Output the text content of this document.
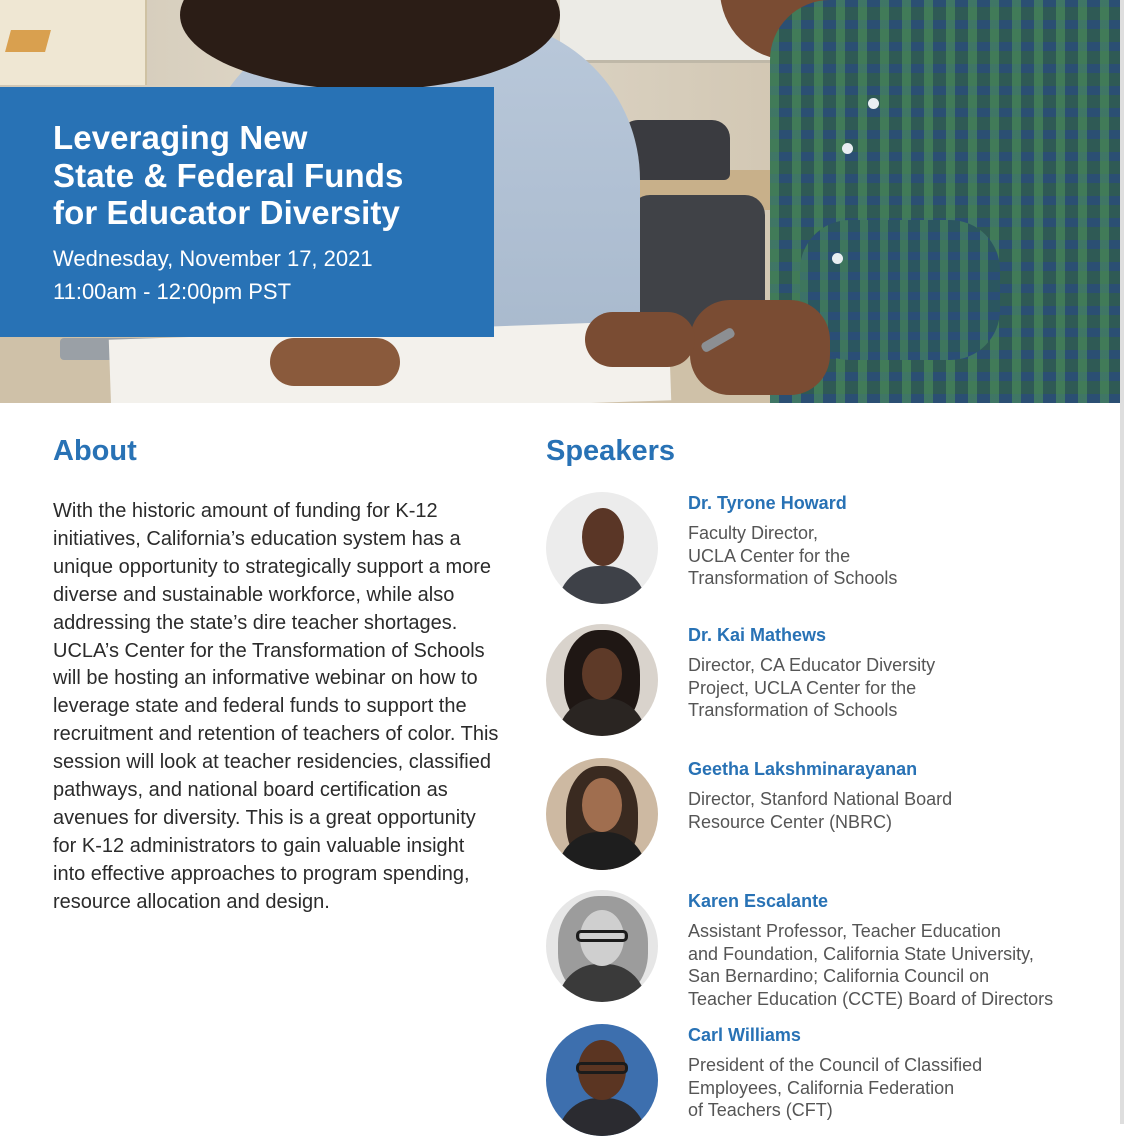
Leveraging New
State & Federal Funds
for Educator Diversity
Wednesday, November 17, 2021
11:00am - 12:00pm PST
About
With the historic amount of funding for K-12
initiatives, California’s education system has a
unique opportunity to strategically support a more
diverse and sustainable workforce, while also
addressing the state’s dire teacher shortages.
UCLA’s Center for the Transformation of Schools
will be hosting an informative webinar on how to
leverage state and federal funds to support the
recruitment and retention of teachers of color. This
session will look at teacher residencies, classified
pathways, and national board certification as
avenues for diversity. This is a great opportunity
for K-12 administrators to gain valuable insight
into effective approaches to program spending,
resource allocation and design.
Speakers
Dr. Tyrone Howard
Faculty Director,
UCLA Center for the
Transformation of Schools
Dr. Kai Mathews
Director, CA Educator Diversity
Project, UCLA Center for the
Transformation of Schools
Geetha Lakshminarayanan
Director, Stanford National Board
Resource Center (NBRC)
Karen Escalante
Assistant Professor, Teacher Education
and Foundation, California State University,
San Bernardino; California Council on
Teacher Education (CCTE) Board of Directors
Carl Williams
President of the Council of Classified
Employees, California Federation
of Teachers (CFT)
